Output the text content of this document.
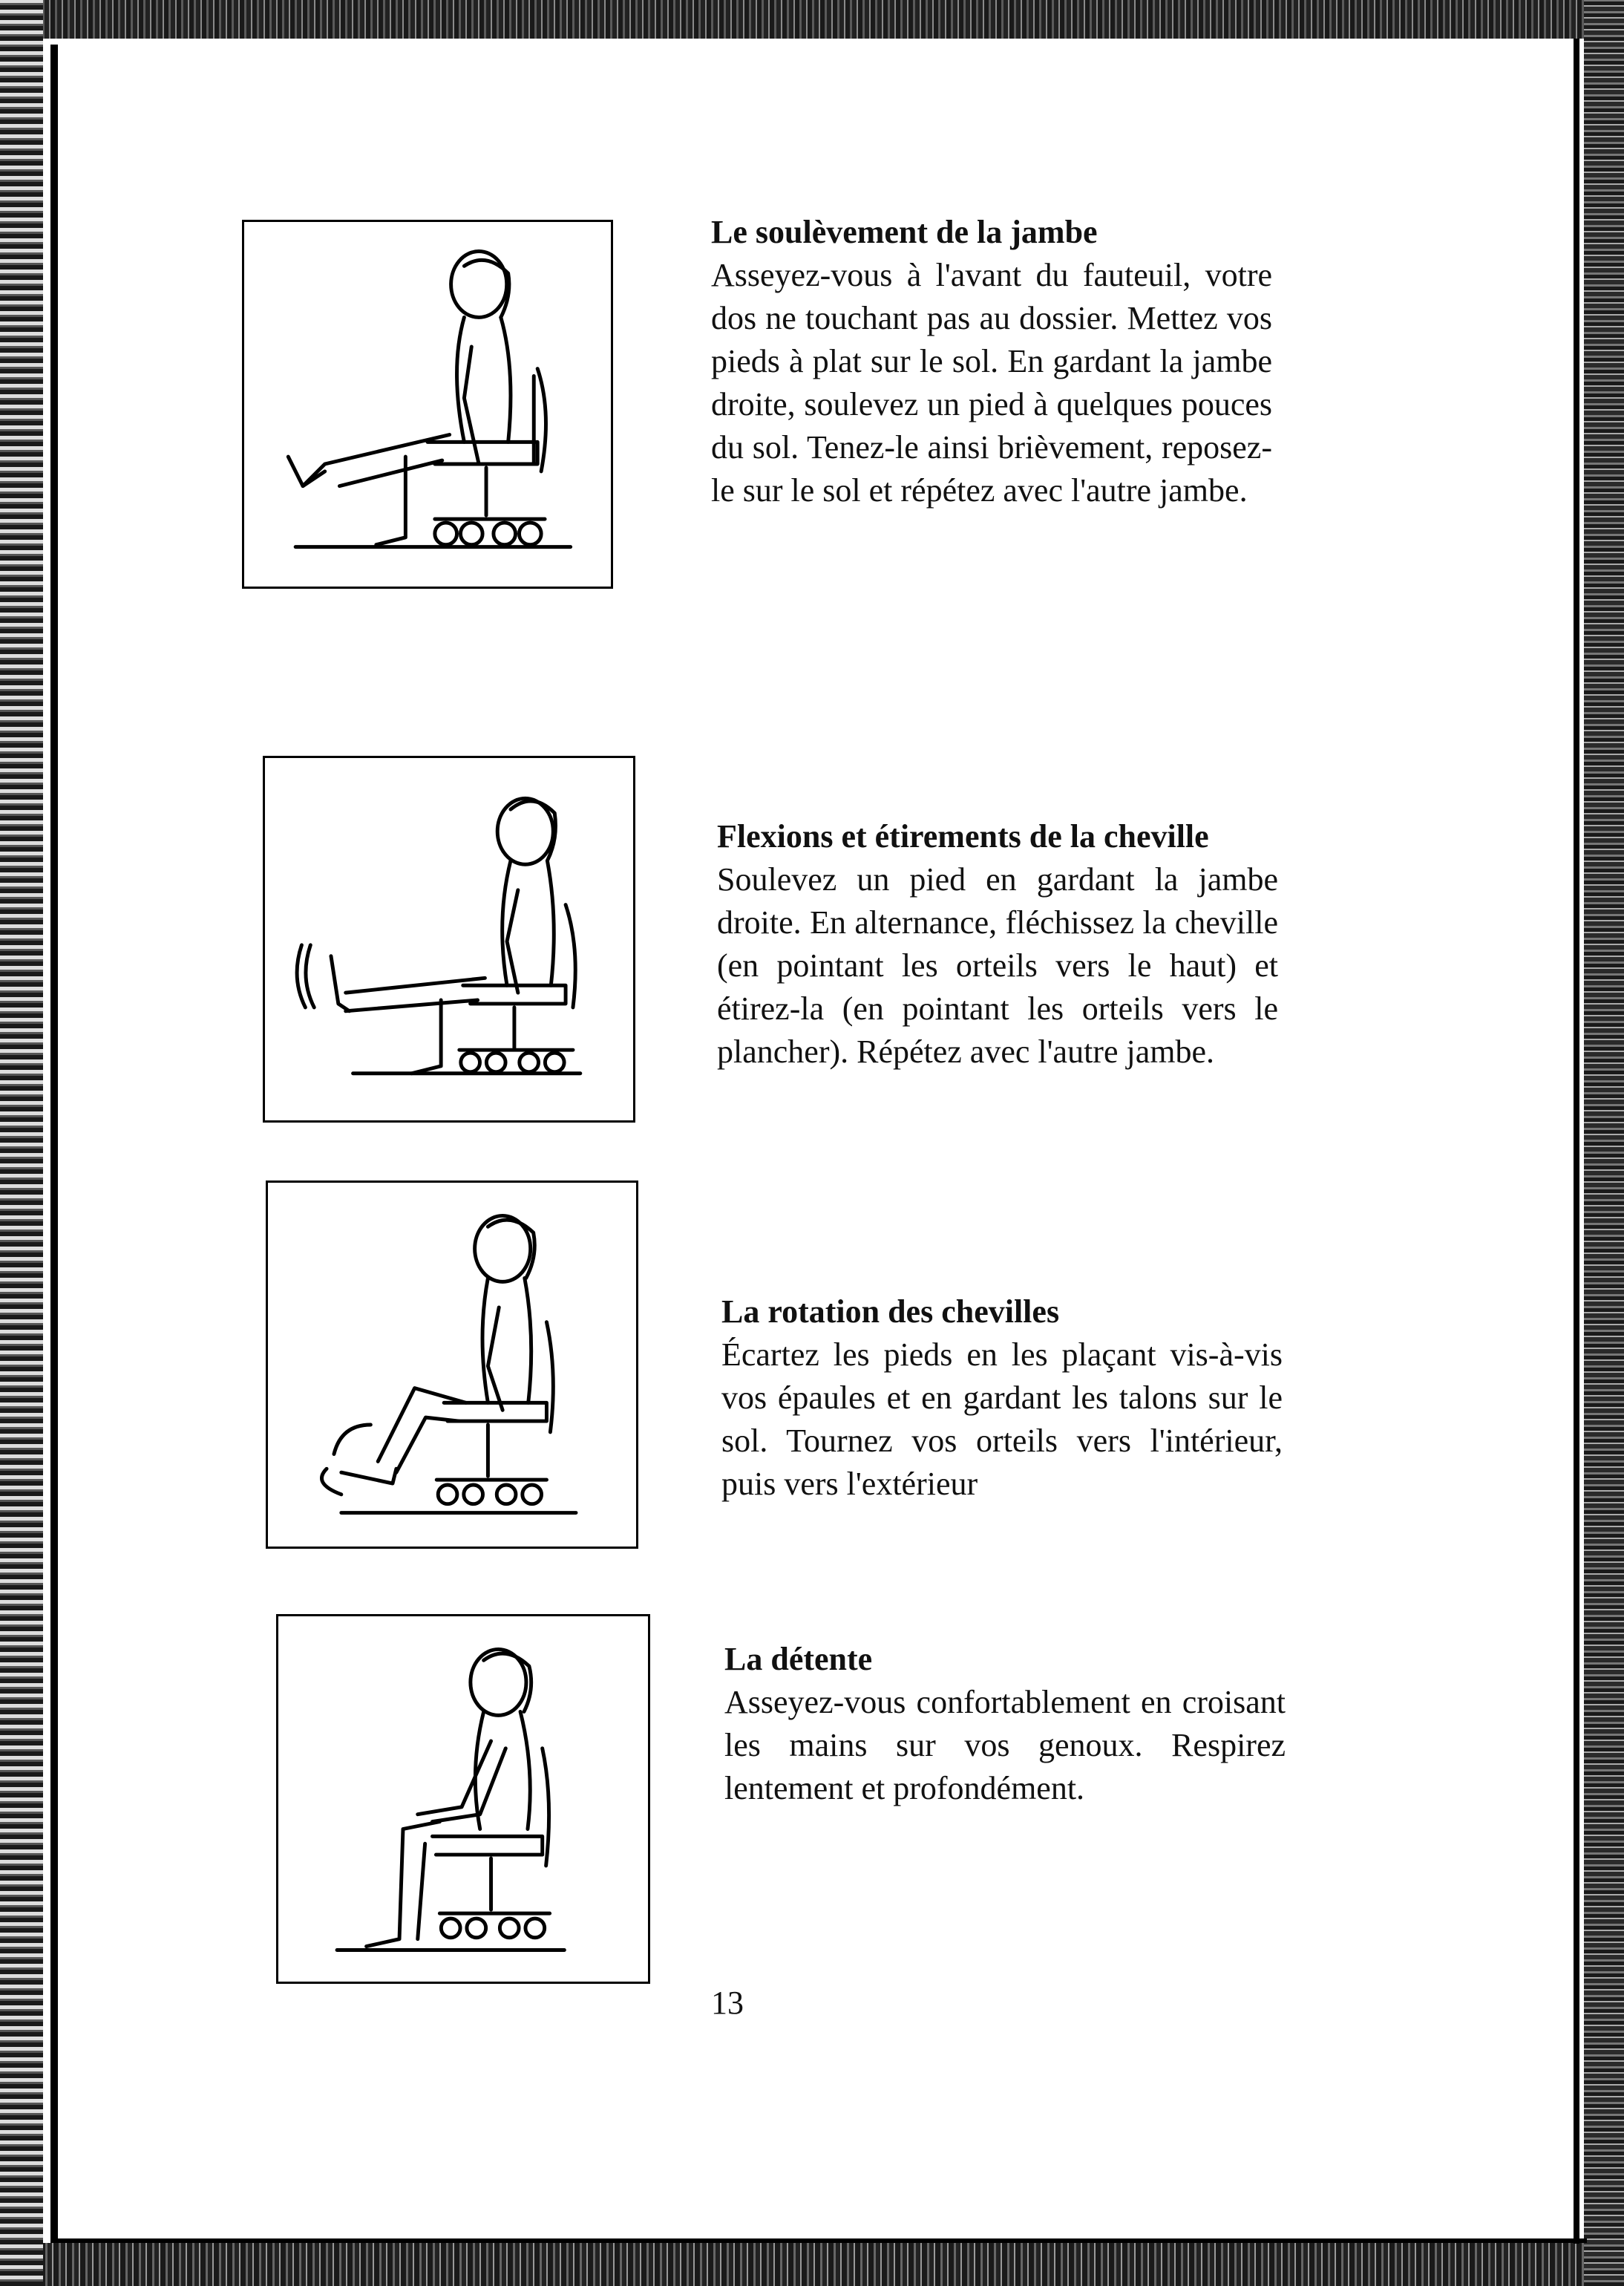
Le soulèvement de la jambe

Asseyez-vous à l'avant du fauteuil, votre dos ne touchant pas au dossier. Mettez vos pieds à plat sur le sol. En gardant la jambe droite, soulevez un pied à quelques pouces du sol. Tenez-le ainsi brièvement, reposez-le sur le sol et répétez avec l'autre jambe.

Flexions et étirements de la cheville

Soulevez un pied en gardant la jambe droite. En alternance, fléchissez la cheville (en pointant les orteils vers le haut) et étirez-la (en pointant les orteils vers le plancher). Répétez avec l'autre jambe.

La rotation des chevilles

Écartez les pieds en les plaçant vis-à-vis vos épaules et en gardant les talons sur le sol. Tournez vos orteils vers l'intérieur, puis vers l'extérieur

La détente

Asseyez-vous confortablement en croisant les mains sur vos genoux. Respirez lentement et profondément.

13
